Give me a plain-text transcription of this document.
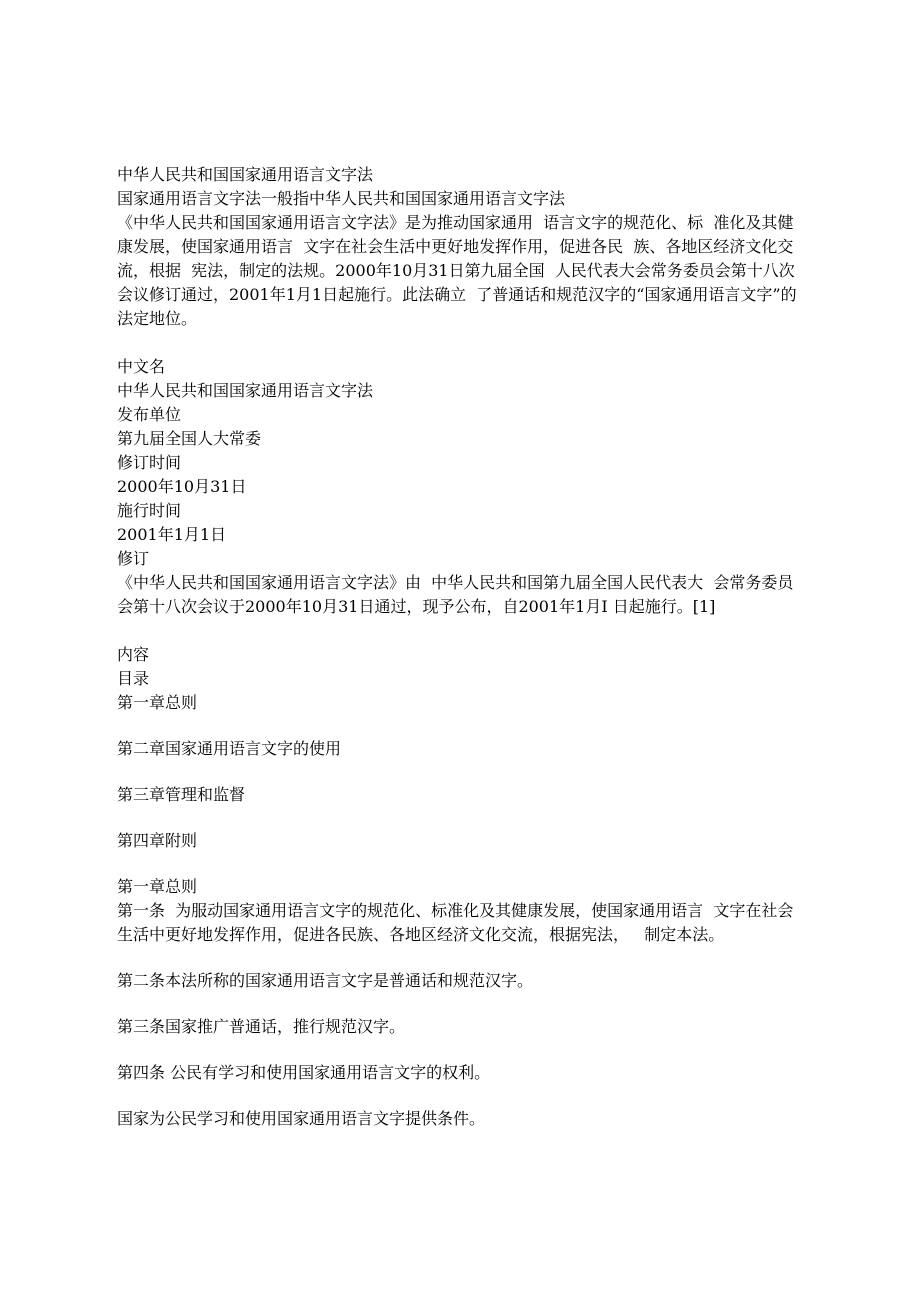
中华人民共和国国家通用语言文字法
国家通用语言文字法一般指中华人民共和国国家通用语言文字法
《中华人民共和国国家通用语言文字法》是为推动国家通用  语言文字的规范化、标  准化及其健康发展，使国家通用语言  文字在社会生活中更好地发挥作用，促进各民  族、各地区经济文化交流，根据  宪法，制定的法规。2000年10月31日第九届全国  人民代表大会常务委员会第十八次会议修订通过，2001年1月1日起施行。此法确立  了普通话和规范汉字的“国家通用语言文字”的法定地位。
中文名
中华人民共和国国家通用语言文字法
发布单位
第九届全国人大常委
修订时间
2000年10月31日
施行时间
2001年1月1日
修订
《中华人民共和国国家通用语言文字法》由  中华人民共和国第九届全国人民代表大  会常务委员会第十八次会议于2000年10月31日通过，现予公布，自2001年1月I 日起施行。[1]
内容
目录
第一章总则
第二章国家通用语言文字的使用
第三章管理和监督
第四章附则
第一章总则
第一条  为服动国家通用语言文字的规范化、标准化及其健康发展，使国家通用语言  文字在社会生活中更好地发挥作用，促进各民族、各地区经济文化交流，根据宪法，   制定本法。
第二条本法所称的国家通用语言文字是普通话和规范汉字。
第三条国家推广普通话，推行规范汉字。
第四条 公民有学习和使用国家通用语言文字的权利。
国家为公民学习和使用国家通用语言文字提供条件。
